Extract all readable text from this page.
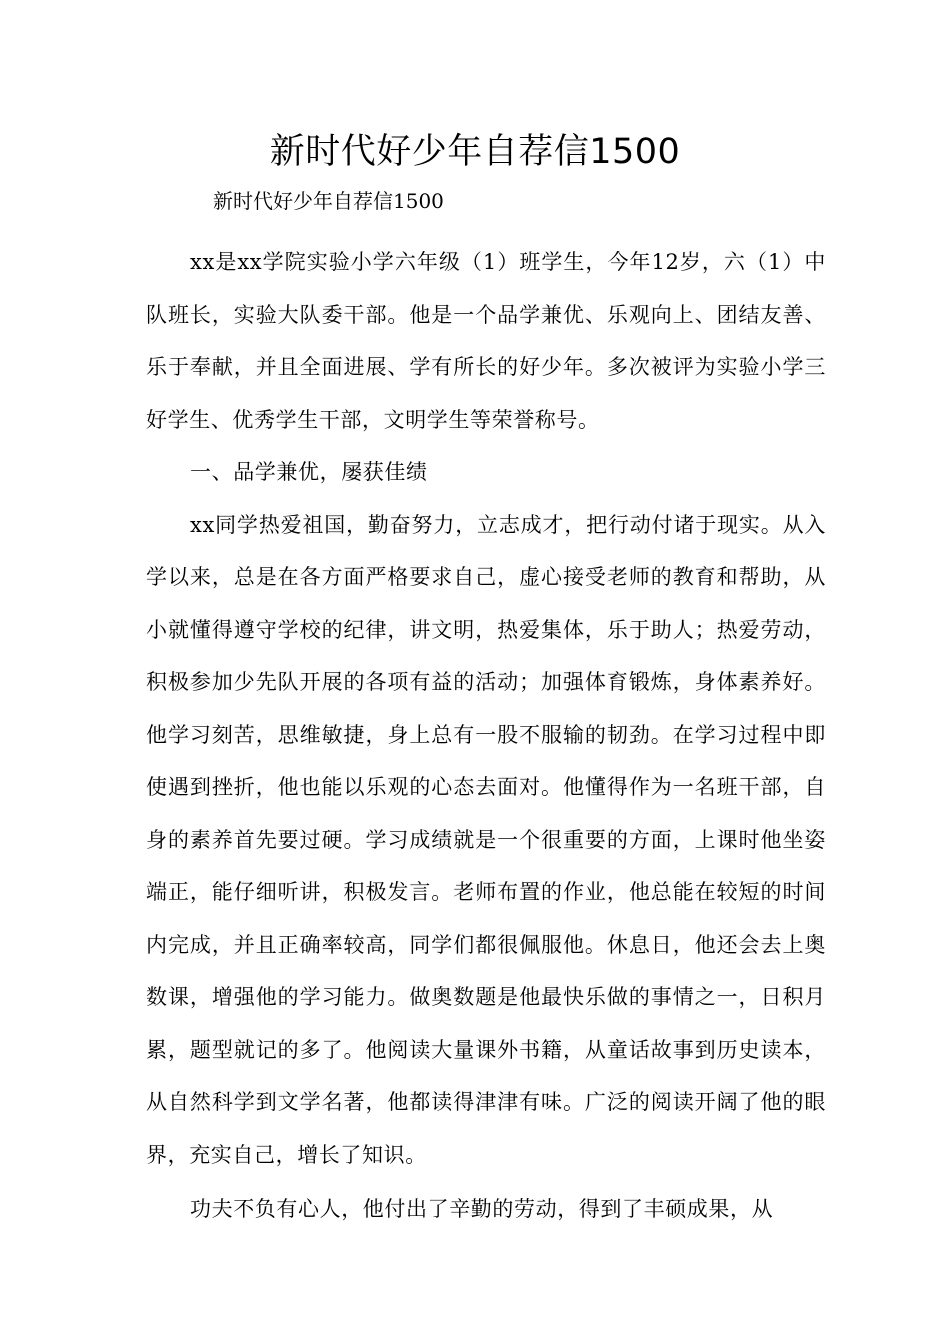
新时代好少年自荐信1500

新时代好少年自荐信1500

xx是xx学院实验小学六年级（1）班学生，今年12岁，六（1）中队班长，实验大队委干部。他是一个品学兼优、乐观向上、团结友善、乐于奉献，并且全面进展、学有所长的好少年。多次被评为实验小学三好学生、优秀学生干部，文明学生等荣誉称号。

一、品学兼优，屡获佳绩

xx同学热爱祖国，勤奋努力，立志成才，把行动付诸于现实。从入学以来，总是在各方面严格要求自己，虚心接受老师的教育和帮助，从小就懂得遵守学校的纪律，讲文明，热爱集体，乐于助人；热爱劳动，积极参加少先队开展的各项有益的活动；加强体育锻炼，身体素养好。他学习刻苦，思维敏捷，身上总有一股不服输的韧劲。在学习过程中即使遇到挫折，他也能以乐观的心态去面对。他懂得作为一名班干部，自身的素养首先要过硬。学习成绩就是一个很重要的方面，上课时他坐姿端正，能仔细听讲，积极发言。老师布置的作业，他总能在较短的时间内完成，并且正确率较高，同学们都很佩服他。休息日，他还会去上奥数课，增强他的学习能力。做奥数题是他最快乐做的事情之一，日积月累，题型就记的多了。他阅读大量课外书籍，从童话故事到历史读本，从自然科学到文学名著，他都读得津津有味。广泛的阅读开阔了他的眼界，充实自己，增长了知识。

功夫不负有心人，他付出了辛勤的劳动，得到了丰硕成果，从
